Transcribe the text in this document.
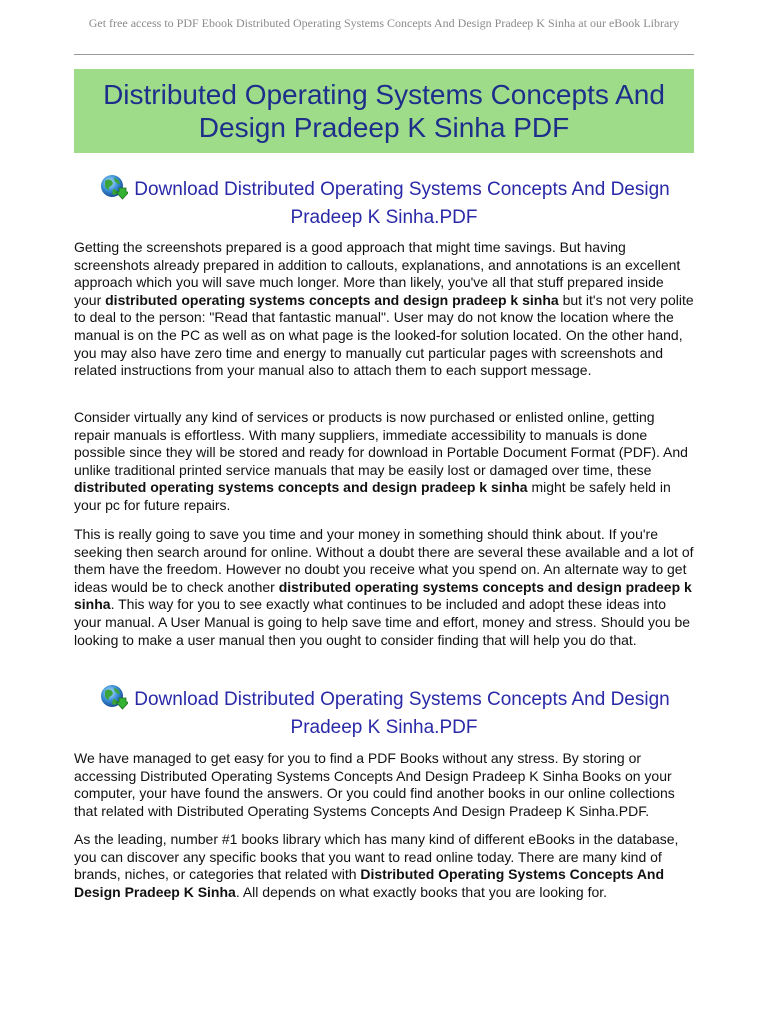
Get free access to PDF Ebook Distributed Operating Systems Concepts And Design Pradeep K Sinha at our eBook Library
Distributed Operating Systems Concepts And Design Pradeep K Sinha PDF
Download Distributed Operating Systems Concepts And Design Pradeep K Sinha.PDF

Getting the screenshots prepared is a good approach that might time savings. But having screenshots already prepared in addition to callouts, explanations, and annotations is an excellent approach which you will save much longer. More than likely, you've all that stuff prepared inside your distributed operating systems concepts and design pradeep k sinha but it's not very polite to deal to the person: "Read that fantastic manual". User may do not know the location where the manual is on the PC as well as on what page is the looked-for solution located. On the other hand, you may also have zero time and energy to manually cut particular pages with screenshots and related instructions from your manual also to attach them to each support message.

Consider virtually any kind of services or products is now purchased or enlisted online, getting repair manuals is effortless. With many suppliers, immediate accessibility to manuals is done possible since they will be stored and ready for download in Portable Document Format (PDF). And unlike traditional printed service manuals that may be easily lost or damaged over time, these distributed operating systems concepts and design pradeep k sinha might be safely held in your pc for future repairs.

This is really going to save you time and your money in something should think about. If you're seeking then search around for online. Without a doubt there are several these available and a lot of them have the freedom. However no doubt you receive what you spend on. An alternate way to get ideas would be to check another distributed operating systems concepts and design pradeep k sinha. This way for you to see exactly what continues to be included and adopt these ideas into your manual. A User Manual is going to help save time and effort, money and stress. Should you be looking to make a user manual then you ought to consider finding that will help you do that.

Download Distributed Operating Systems Concepts And Design Pradeep K Sinha.PDF

We have managed to get easy for you to find a PDF Books without any stress. By storing or accessing Distributed Operating Systems Concepts And Design Pradeep K Sinha Books on your computer, your have found the answers. Or you could find another books in our online collections that related with Distributed Operating Systems Concepts And Design Pradeep K Sinha.PDF.

As the leading, number #1 books library which has many kind of different eBooks in the database, you can discover any specific books that you want to read online today. There are many kind of brands, niches, or categories that related with Distributed Operating Systems Concepts And Design Pradeep K Sinha. All depends on what exactly books that you are looking for.
